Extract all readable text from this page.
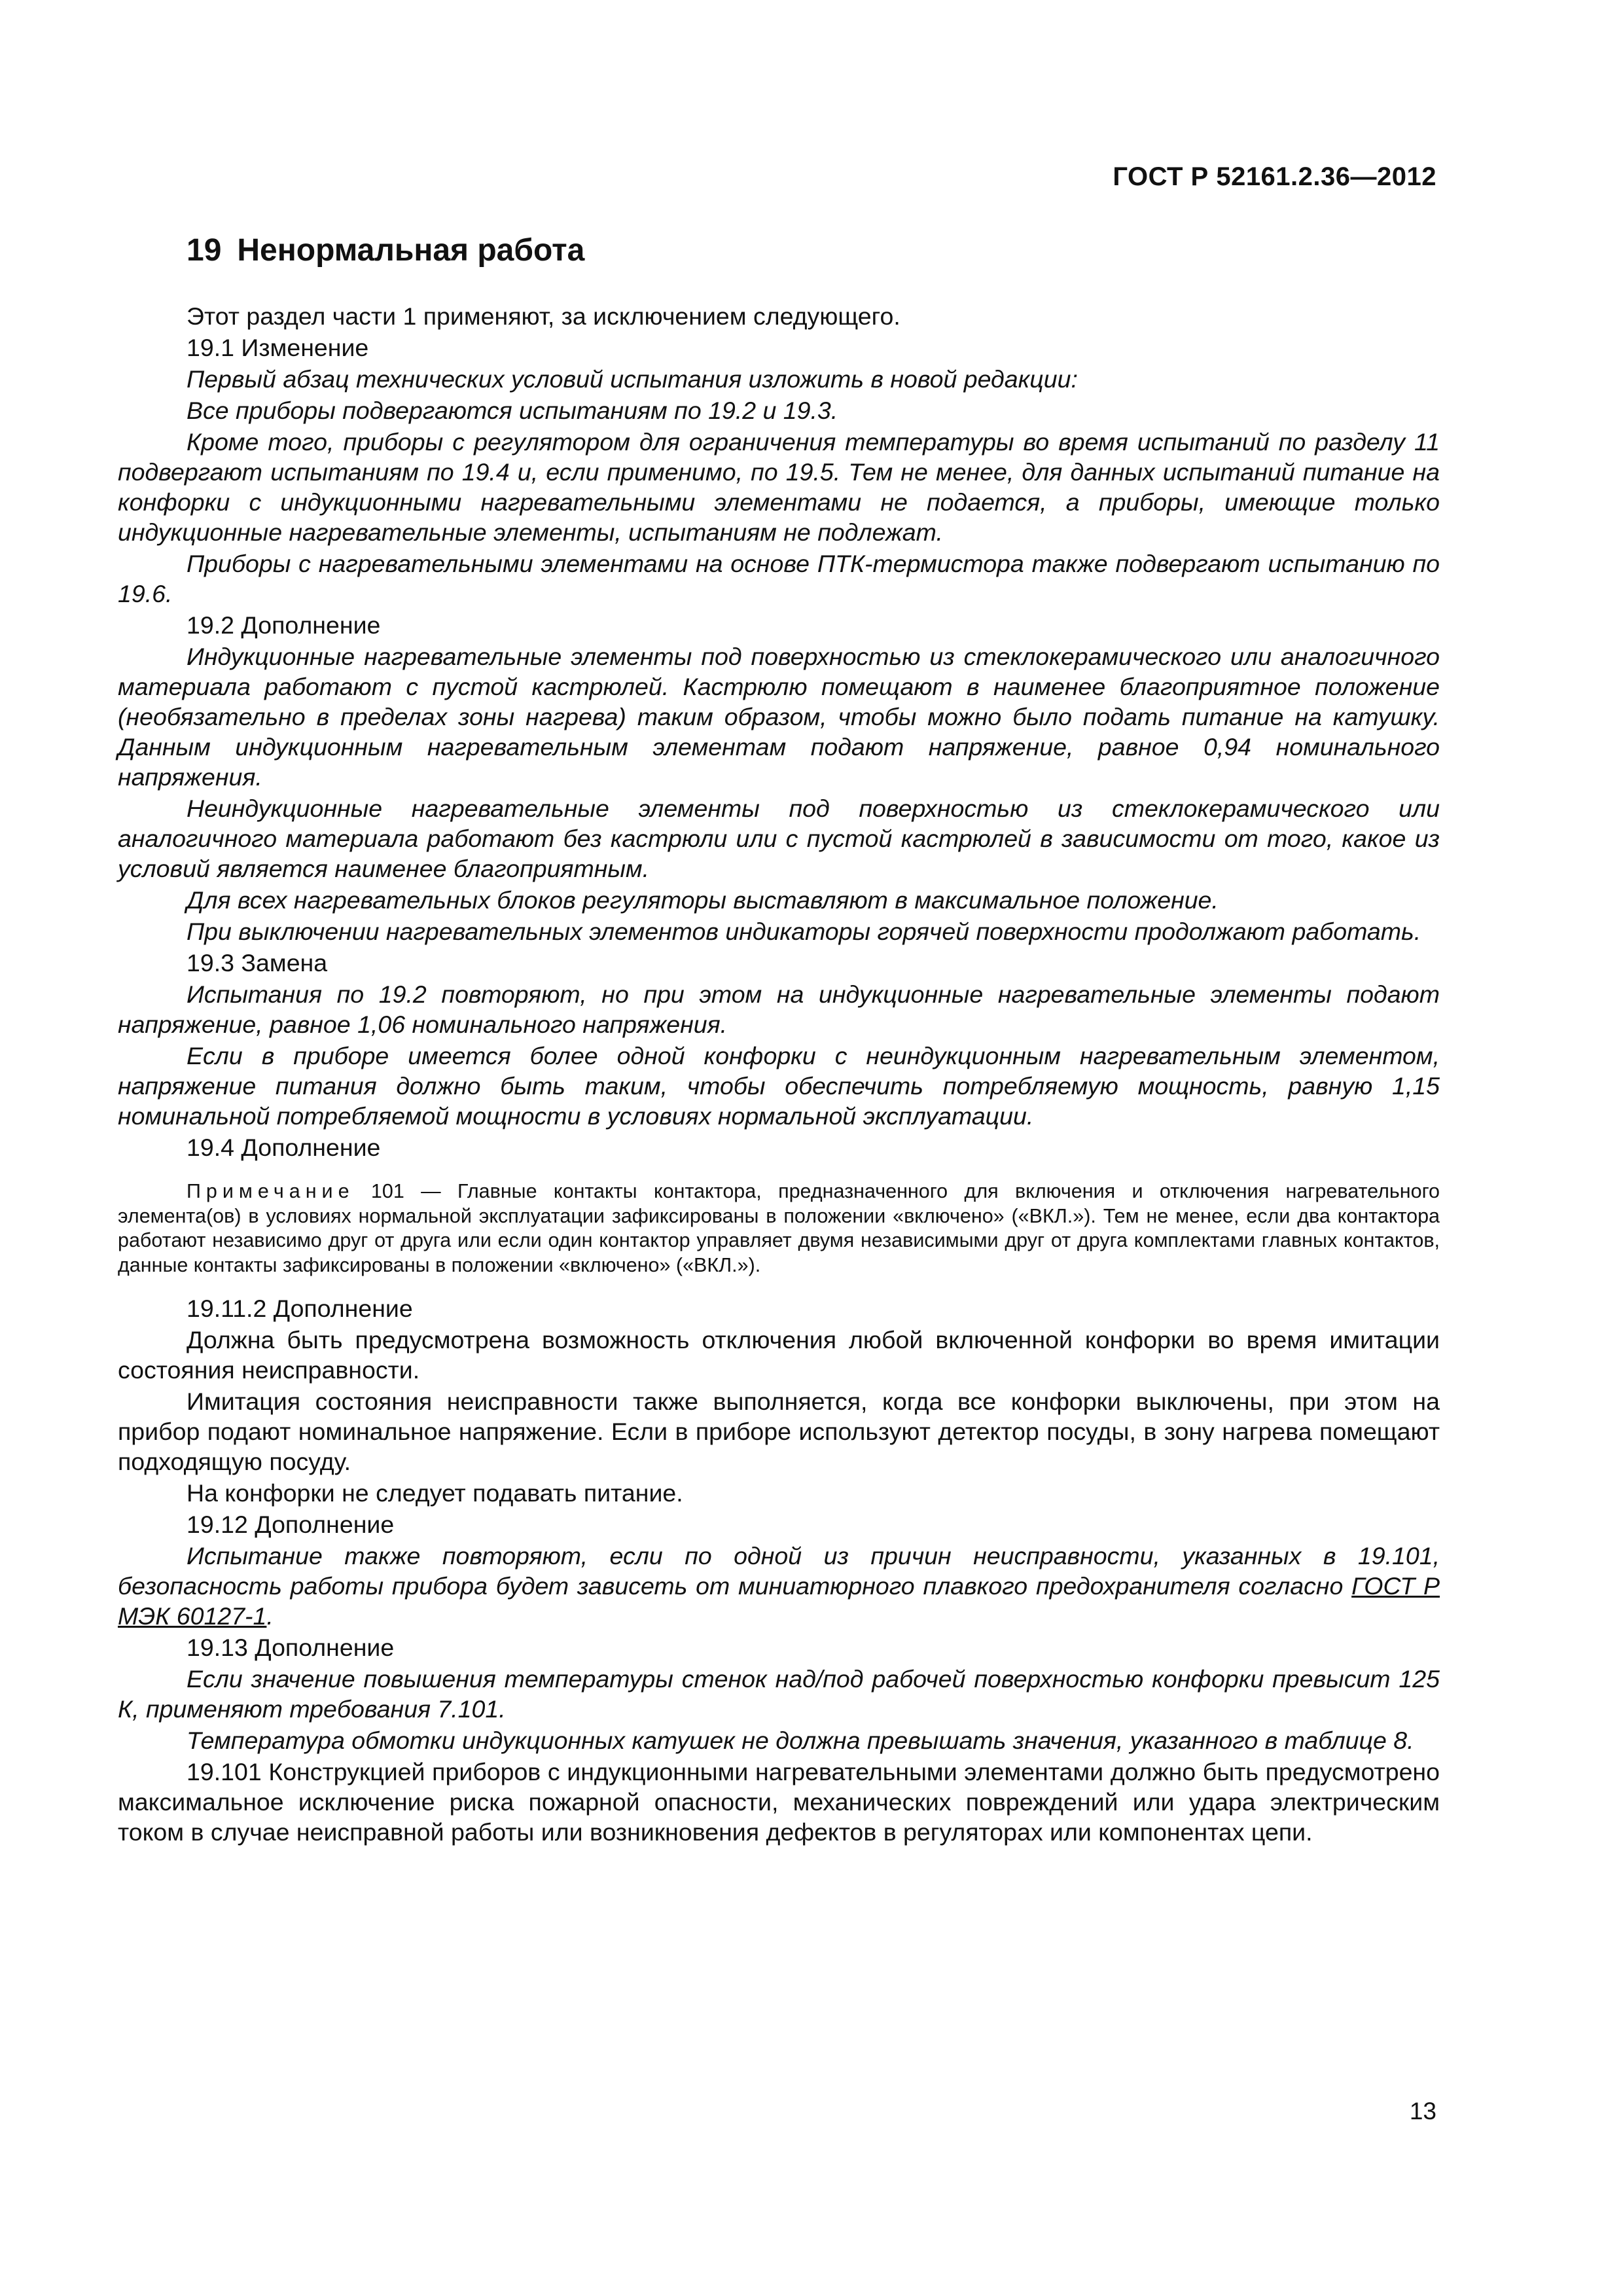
ГОСТ Р 52161.2.36—2012
19 Ненормальная работа

Этот раздел части 1 применяют, за исключением следующего.

19.1 Изменение

Первый абзац технических условий испытания изложить в новой редакции:

Все приборы подвергаются испытаниям по 19.2 и 19.3.

Кроме того, приборы с регулятором для ограничения температуры во время испытаний по разделу 11 подвергают испытаниям по 19.4 и, если применимо, по 19.5. Тем не менее, для данных испытаний питание на конфорки с индукционными нагревательными элементами не подается, а приборы, имеющие только индукционные нагревательные элементы, испытаниям не подлежат.

Приборы с нагревательными элементами на основе ПТК-термистора также подвергают испытанию по 19.6.

19.2 Дополнение

Индукционные нагревательные элементы под поверхностью из стеклокерамического или аналогичного материала работают с пустой кастрюлей. Кастрюлю помещают в наименее благоприятное положение (необязательно в пределах зоны нагрева) таким образом, чтобы можно было подать питание на катушку. Данным индукционным нагревательным элементам подают напряжение, равное 0,94 номинального напряжения.

Неиндукционные нагревательные элементы под поверхностью из стеклокерамического или аналогичного материала работают без кастрюли или с пустой кастрюлей в зависимости от того, какое из условий является наименее благоприятным.

Для всех нагревательных блоков регуляторы выставляют в максимальное положение.

При выключении нагревательных элементов индикаторы горячей поверхности продолжают работать.

19.3 Замена

Испытания по 19.2 повторяют, но при этом на индукционные нагревательные элементы подают напряжение, равное 1,06 номинального напряжения.

Если в приборе имеется более одной конфорки с неиндукционным нагревательным элементом, напряжение питания должно быть таким, чтобы обеспечить потребляемую мощность, равную 1,15 номинальной потребляемой мощности в условиях нормальной эксплуатации.

19.4 Дополнение

Примечание 101 — Главные контакты контактора, предназначенного для включения и отключения нагревательного элемента(ов) в условиях нормальной эксплуатации зафиксированы в положении «включено» («ВКЛ.»). Тем не менее, если два контактора работают независимо друг от друга или если один контактор управляет двумя независимыми друг от друга комплектами главных контактов, данные контакты зафиксированы в положении «включено» («ВКЛ.»).

19.11.2 Дополнение

Должна быть предусмотрена возможность отключения любой включенной конфорки во время имитации состояния неисправности.

Имитация состояния неисправности также выполняется, когда все конфорки выключены, при этом на прибор подают номинальное напряжение. Если в приборе используют детектор посуды, в зону нагрева помещают подходящую посуду.

На конфорки не следует подавать питание.

19.12 Дополнение

Испытание также повторяют, если по одной из причин неисправности, указанных в 19.101, безопасность работы прибора будет зависеть от миниатюрного плавкого предохранителя согласно ГОСТ Р МЭК 60127-1.

19.13 Дополнение

Если значение повышения температуры стенок над/под рабочей поверхностью конфорки превысит 125 К, применяют требования 7.101.

Температура обмотки индукционных катушек не должна превышать значения, указанного в таблице 8.

19.101 Конструкцией приборов с индукционными нагревательными элементами должно быть предусмотрено максимальное исключение риска пожарной опасности, механических повреждений или удара электрическим током в случае неисправной работы или возникновения дефектов в регуляторах или компонентах цепи.

13
